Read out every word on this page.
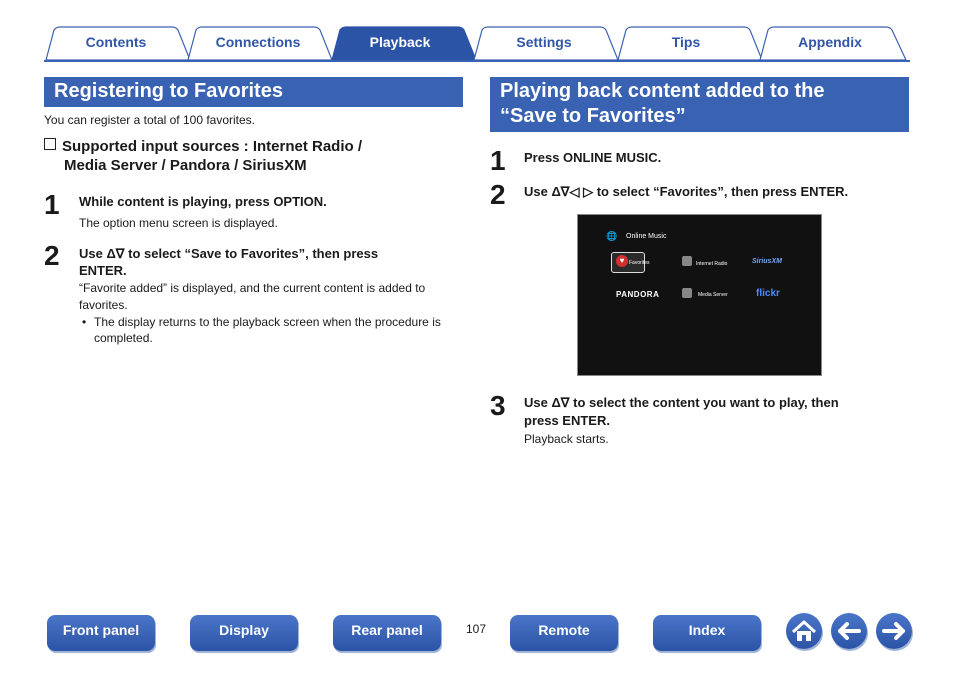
Contents	Connections	Playback	Settings	Tips	Appendix
Registering to Favorites
You can register a total of 100 favorites.
Supported input sources : Internet Radio /
Media Server / Pandora / SiriusXM
1 While content is playing, press OPTION.
The option menu screen is displayed.
2 Use Δ∇ to select “Save to Favorites”, then press
ENTER.
“Favorite added” is displayed, and the current content is added to
favorites.
• The display returns to the playback screen when the procedure is
completed.
Playing back content added to the
“Save to Favorites”
1 Press ONLINE MUSIC.
2 Use Δ∇◁ ▷ to select “Favorites”, then press ENTER.
🌐 Online Music
♥ Favorites	Internet Radio	SiriusXM
PANDORA	Media Server	flickr
3 Use Δ∇ to select the content you want to play, then
press ENTER.
Playback starts.
Front panel	Display	Rear panel	107	Remote	Index
